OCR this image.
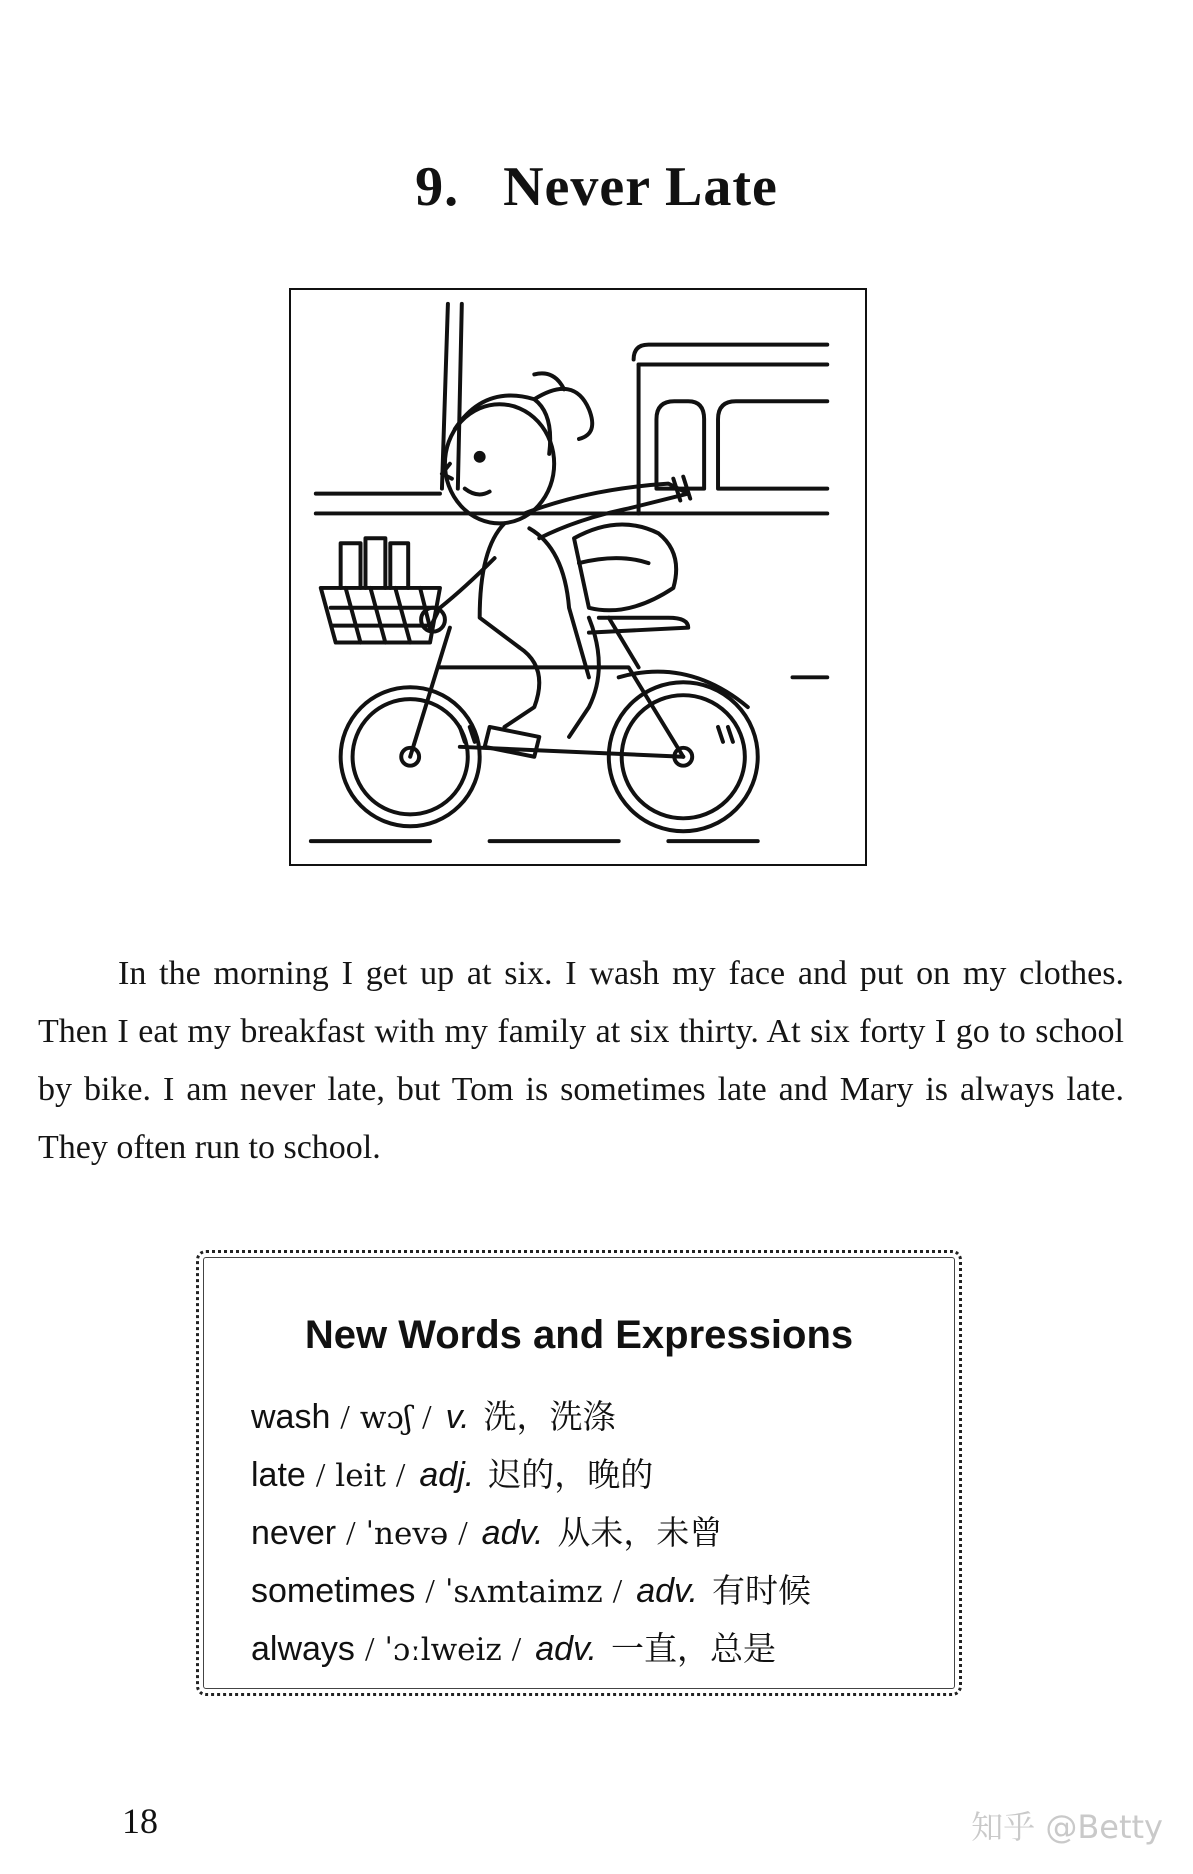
9. Never Late
In the morning I get up at six. I wash my face and put on my clothes. Then I eat my breakfast with my family at six thirty. At six forty I go to school by bike. I am never late, but Tom is sometimes late and Mary is always late. They often run to school.
New Words and Expressions
wash / wɔʃ / v. 洗，洗涤
late / leit / adj. 迟的，晚的
never / ˈnevə / adv. 从未，未曾
sometimes / ˈsʌmtaimz / adv. 有时候
always / ˈɔːlweiz / adv. 一直，总是
18	知乎 @Betty
